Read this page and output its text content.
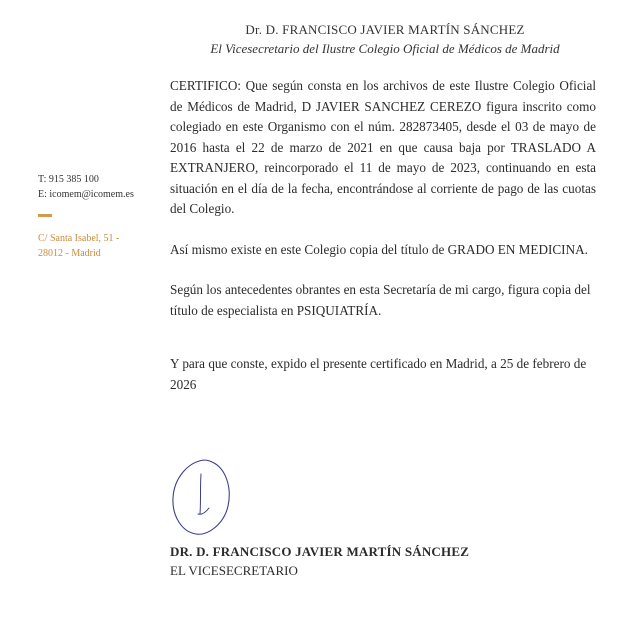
Dr. D. FRANCISCO JAVIER MARTÍN SÁNCHEZ
El Vicesecretario del Ilustre Colegio Oficial de Médicos de Madrid
T: 915 385 100
E: icomem@icomem.es
C/ Santa Isabel, 51 -
28012 - Madrid

CERTIFICO: Que según consta en los archivos de este Ilustre Colegio Oficial de Médicos de Madrid, D JAVIER SANCHEZ CEREZO figura inscrito como colegiado en este Organismo con el núm. 282873405, desde el 03 de mayo de 2016 hasta el 22 de marzo de 2021 en que causa baja por TRASLADO A EXTRANJERO, reincorporado el 11 de mayo de 2023, continuando en esta situación en el día de la fecha, encontrándose al corriente de pago de las cuotas del Colegio.

Así mismo existe en este Colegio copia del título de GRADO EN MEDICINA.

Según los antecedentes obrantes en esta Secretaría de mi cargo, figura copia del título de especialista en PSIQUIATRÍA.

Y para que conste, expido el presente certificado en Madrid, a 25 de febrero de 2026

DR. D. FRANCISCO JAVIER MARTÍN SÁNCHEZ
EL VICESECRETARIO
